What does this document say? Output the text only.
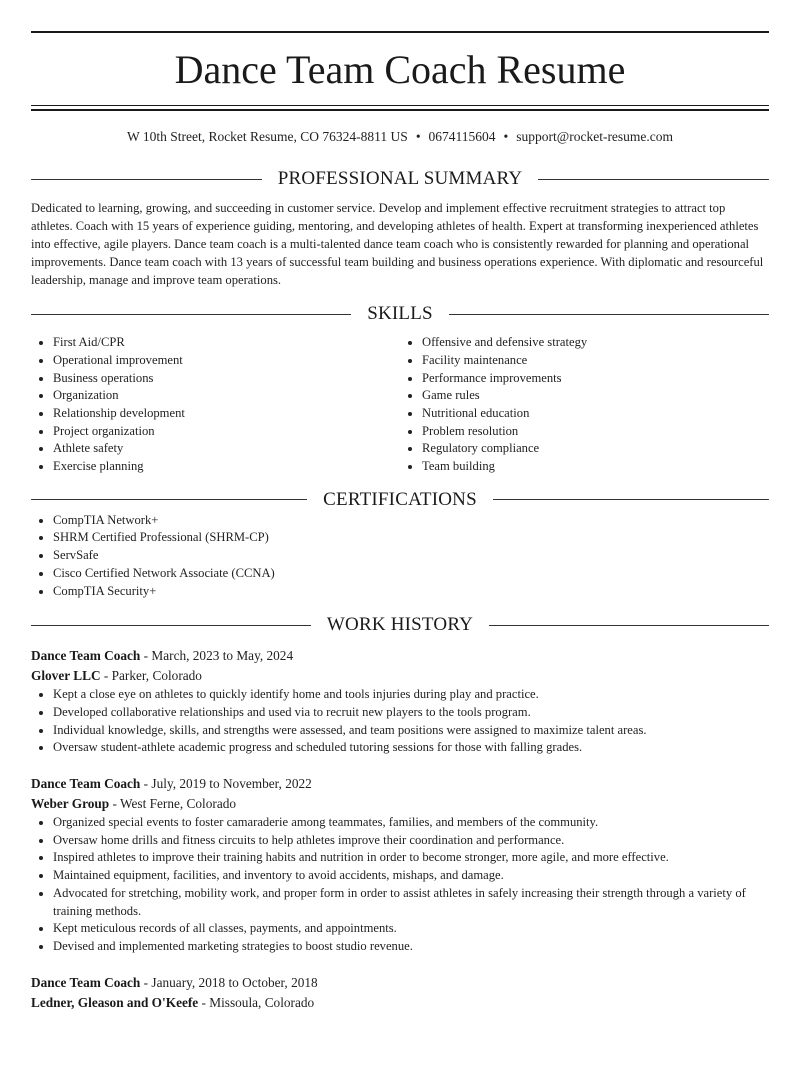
Dance Team Coach Resume
W 10th Street, Rocket Resume, CO 76324-8811 US • 0674115604 • support@rocket-resume.com
PROFESSIONAL SUMMARY

Dedicated to learning, growing, and succeeding in customer service. Develop and implement effective recruitment strategies to attract top athletes. Coach with 15 years of experience guiding, mentoring, and developing athletes of health. Expert at transforming inexperienced athletes into effective, agile players. Dance team coach is a multi-talented dance team coach who is consistently rewarded for planning and operational improvements. Dance team coach with 13 years of successful team building and business operations experience. With diplomatic and resourceful leadership, manage and improve team operations.

SKILLS
• First Aid/CPR
• Operational improvement
• Business operations
• Organization
• Relationship development
• Project organization
• Athlete safety
• Exercise planning
• Offensive and defensive strategy
• Facility maintenance
• Performance improvements
• Game rules
• Nutritional education
• Problem resolution
• Regulatory compliance
• Team building
CERTIFICATIONS
• CompTIA Network+
• SHRM Certified Professional (SHRM-CP)
• ServSafe
• Cisco Certified Network Associate (CCNA)
• CompTIA Security+
WORK HISTORY
Dance Team Coach - March, 2023 to May, 2024
Glover LLC - Parker, Colorado
• Kept a close eye on athletes to quickly identify home and tools injuries during play and practice.
• Developed collaborative relationships and used via to recruit new players to the tools program.
• Individual knowledge, skills, and strengths were assessed, and team positions were assigned to maximize talent areas.
• Oversaw student-athlete academic progress and scheduled tutoring sessions for those with falling grades.
Dance Team Coach - July, 2019 to November, 2022
Weber Group - West Ferne, Colorado
• Organized special events to foster camaraderie among teammates, families, and members of the community.
• Oversaw home drills and fitness circuits to help athletes improve their coordination and performance.
• Inspired athletes to improve their training habits and nutrition in order to become stronger, more agile, and more effective.
• Maintained equipment, facilities, and inventory to avoid accidents, mishaps, and damage.
• Advocated for stretching, mobility work, and proper form in order to assist athletes in safely increasing their strength through a variety of training methods.
• Kept meticulous records of all classes, payments, and appointments.
• Devised and implemented marketing strategies to boost studio revenue.
Dance Team Coach - January, 2018 to October, 2018
Ledner, Gleason and O'Keefe - Missoula, Colorado
